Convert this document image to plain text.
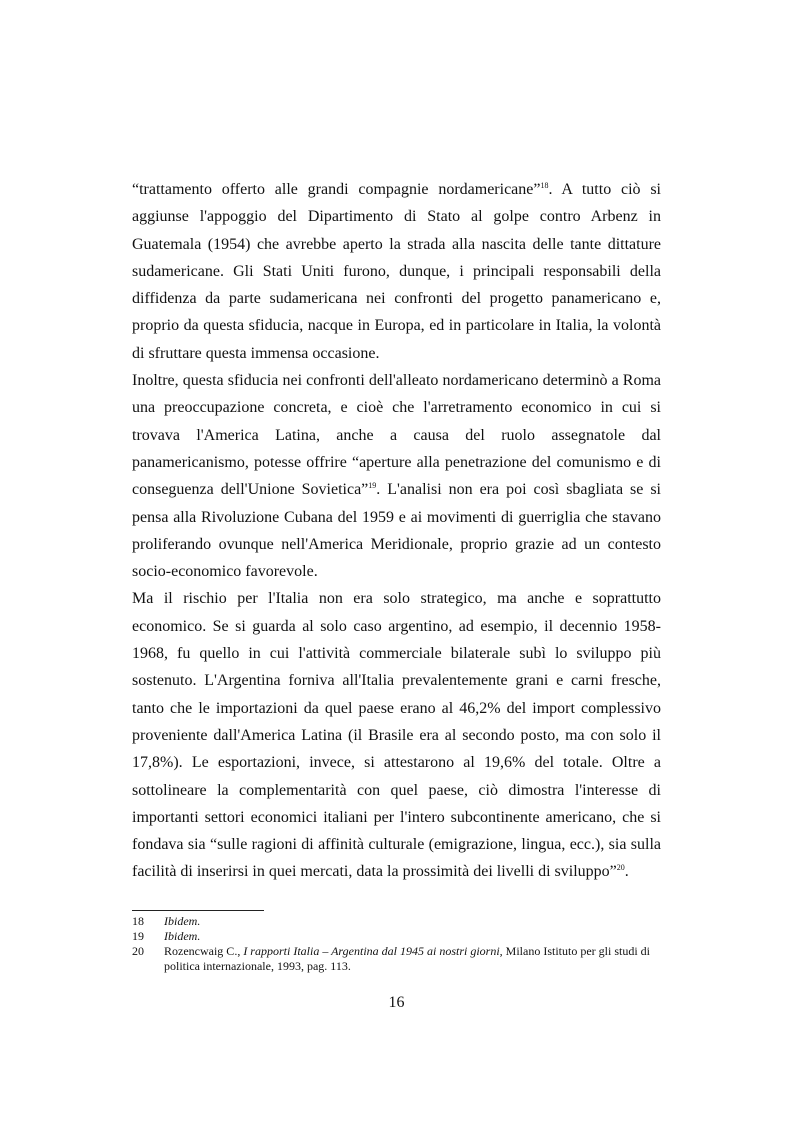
“trattamento offerto alle grandi compagnie nordamericane”$^{18}$. A tutto ciò si aggiunse l'appoggio del Dipartimento di Stato al golpe contro Arbenz in Guatemala (1954) che avrebbe aperto la strada alla nascita delle tante dittature sudamericane. Gli Stati Uniti furono, dunque, i principali responsabili della diffidenza da parte sudamericana nei confronti del progetto panamericano e, proprio da questa sfiducia, nacque in Europa, ed in particolare in Italia, la volontà di sfruttare questa immensa occasione.

Inoltre, questa sfiducia nei confronti dell'alleato nordamericano determinò a Roma una preoccupazione concreta, e cioè che l'arretramento economico in cui si trovava l'America Latina, anche a causa del ruolo assegnatole dal panamericanismo, potesse offrire “aperture alla penetrazione del comunismo e di conseguenza dell'Unione Sovietica”$^{19}$. L'analisi non era poi così sbagliata se si pensa alla Rivoluzione Cubana del 1959 e ai movimenti di guerriglia che stavano proliferando ovunque nell'America Meridionale, proprio grazie ad un contesto socio-economico favorevole.

Ma il rischio per l'Italia non era solo strategico, ma anche e soprattutto economico. Se si guarda al solo caso argentino, ad esempio, il decennio 1958-1968, fu quello in cui l'attività commerciale bilaterale subì lo sviluppo più sostenuto. L'Argentina forniva all'Italia prevalentemente grani e carni fresche, tanto che le importazioni da quel paese erano al 46,2% del import complessivo proveniente dall'America Latina (il Brasile era al secondo posto, ma con solo il 17,8%). Le esportazioni, invece, si attestarono al 19,6% del totale. Oltre a sottolineare la complementarità con quel paese, ciò dimostra l'interesse di importanti settori economici italiani per l'intero subcontinente americano, che si fondava sia “sulle ragioni di affinità culturale (emigrazione, lingua, ecc.), sia sulla facilità di inserirsi in quei mercati, data la prossimità dei livelli di sviluppo”$^{20}$.

18	Ibidem.
19	Ibidem.
20	Rozencwaig C., I rapporti Italia – Argentina dal 1945 ai nostri giorni, Milano Istituto per gli studi di politica internazionale, 1993, pag. 113.
16
